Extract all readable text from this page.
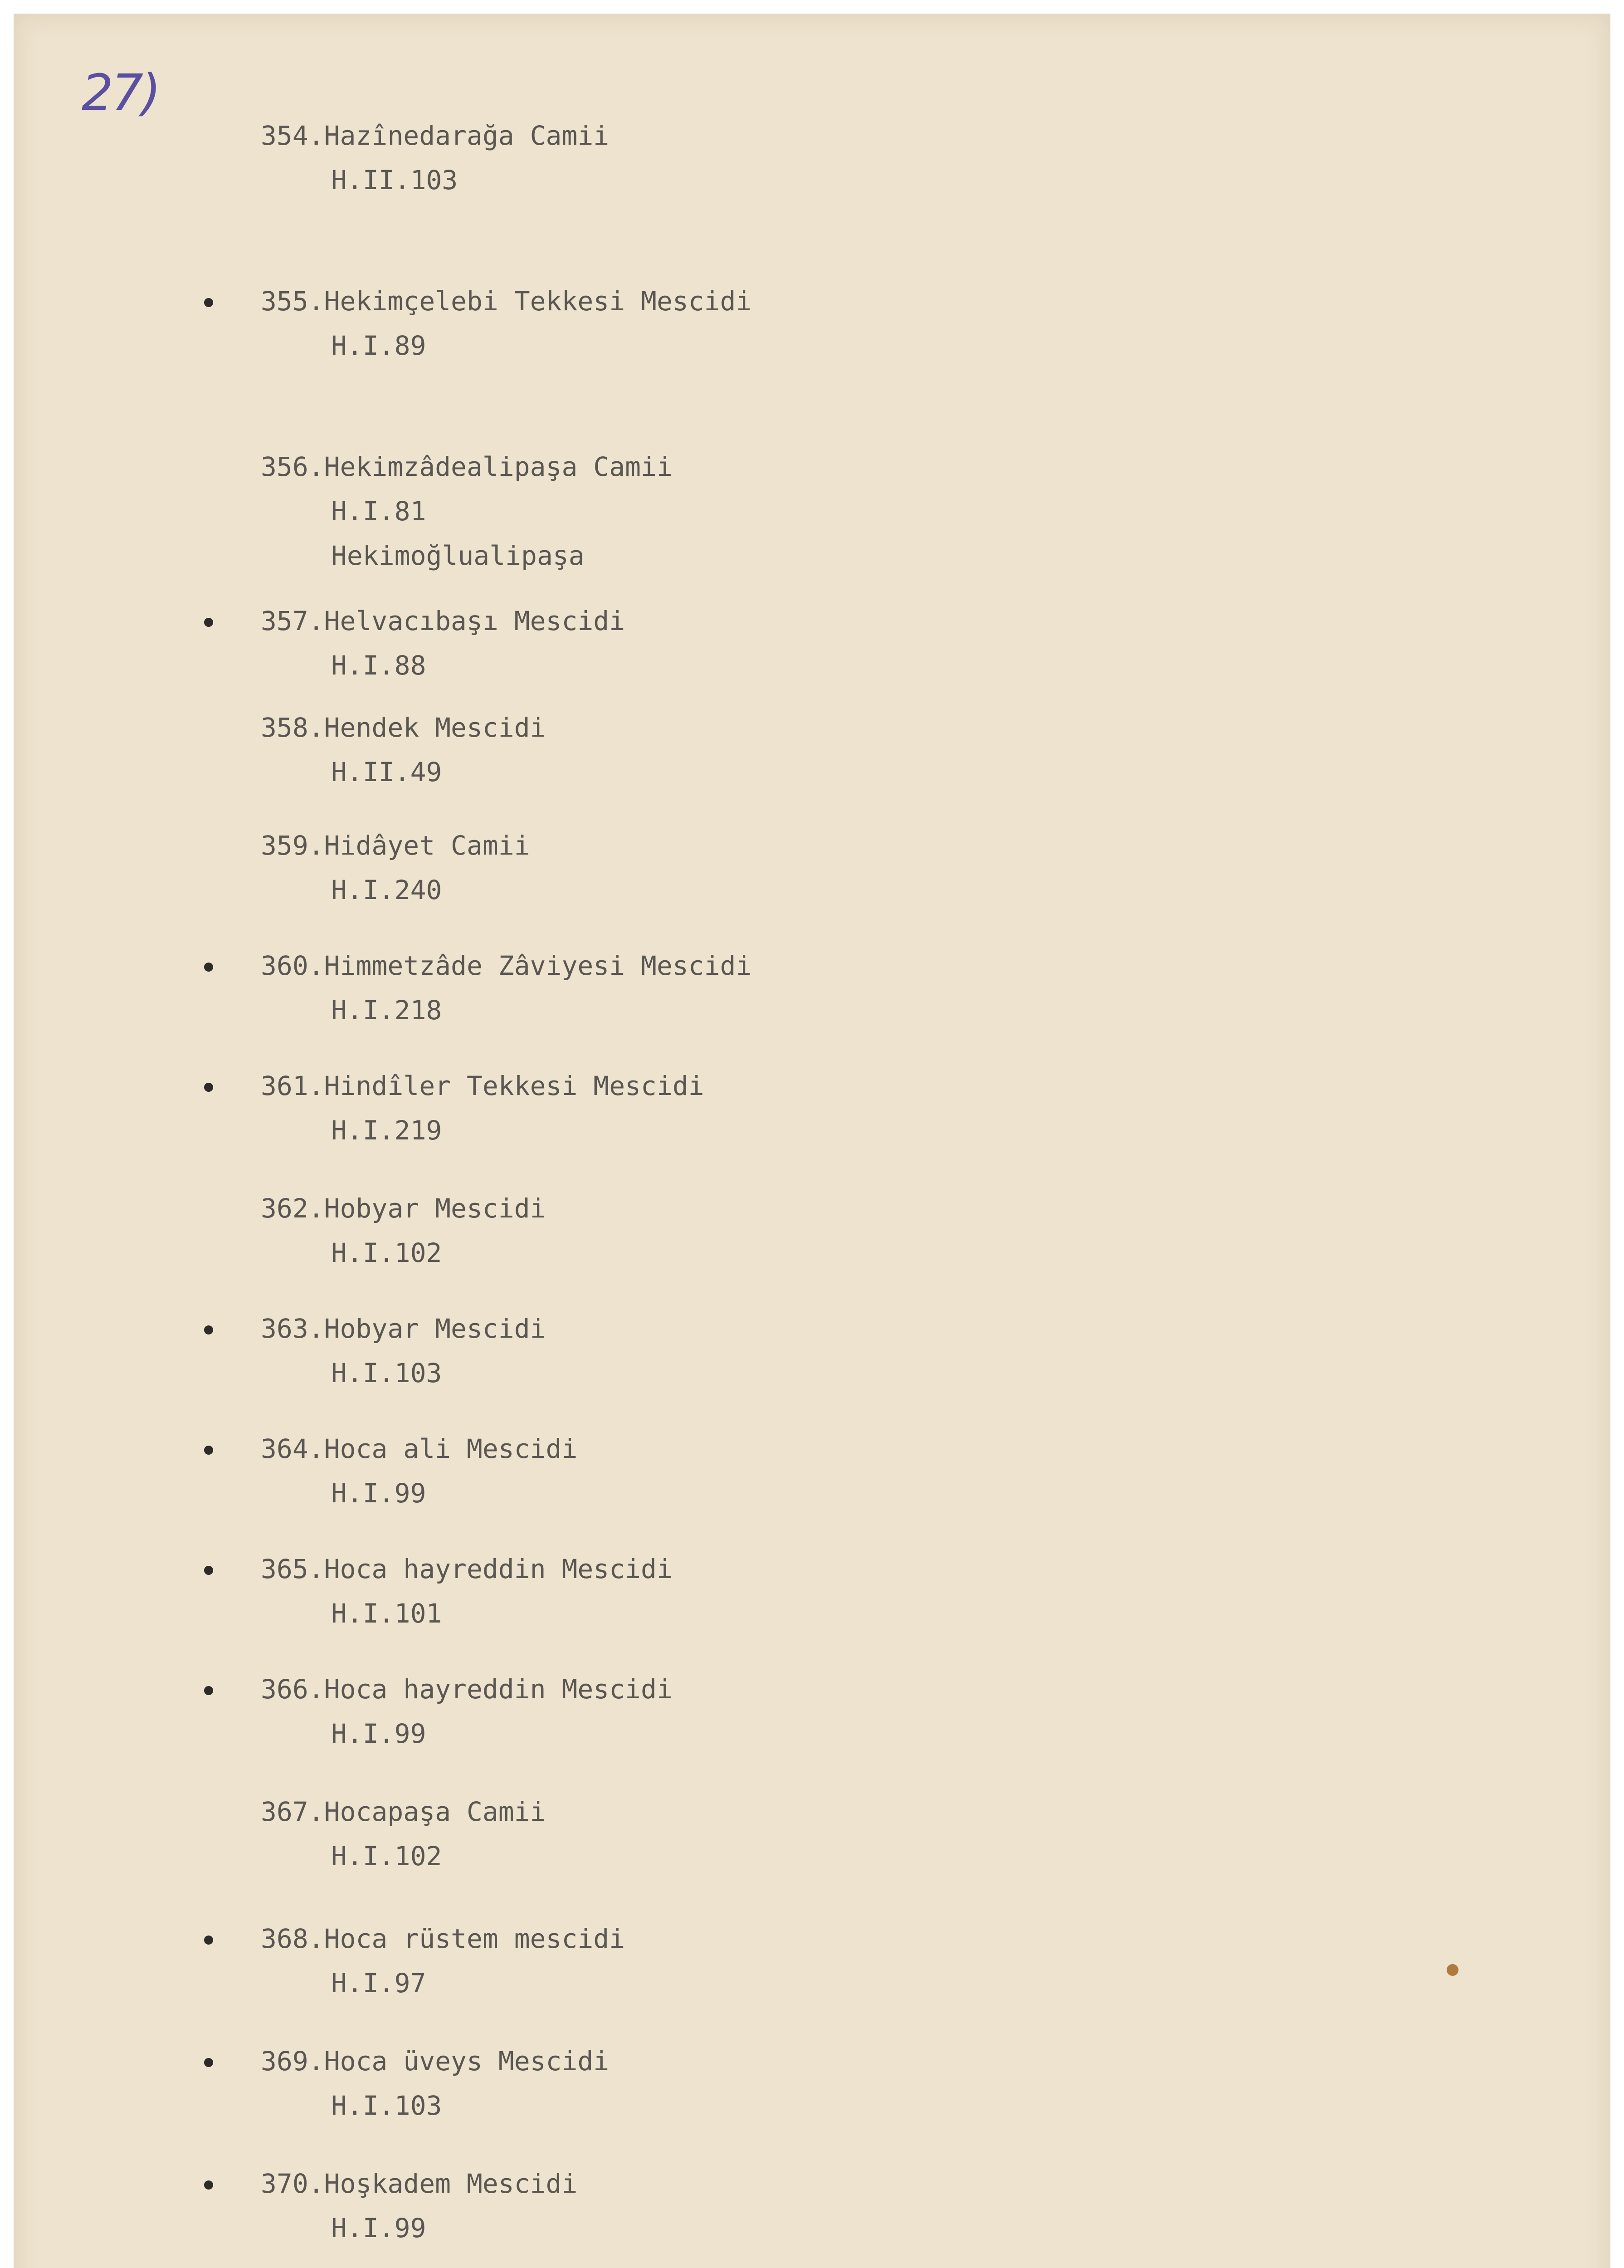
27)
354.Hazînedarağa Camii
H.II.103
355.Hekimçelebi Tekkesi Mescidi
H.I.89
356.Hekimzâdealipaşa Camii
H.I.81
Hekimoğlualipaşa
357.Helvacıbaşı Mescidi
H.I.88
358.Hendek Mescidi
H.II.49
359.Hidâyet Camii
H.I.240
360.Himmetzâde Zâviyesi Mescidi
H.I.218
361.Hindîler Tekkesi Mescidi
H.I.219
362.Hobyar Mescidi
H.I.102
363.Hobyar Mescidi
H.I.103
364.Hoca ali Mescidi
H.I.99
365.Hoca hayreddin Mescidi
H.I.101
366.Hoca hayreddin Mescidi
H.I.99
367.Hocapaşa Camii
H.I.102
368.Hoca rüstem mescidi
H.I.97
369.Hoca üveys Mescidi
H.I.103
370.Hoşkadem Mescidi
H.I.99
